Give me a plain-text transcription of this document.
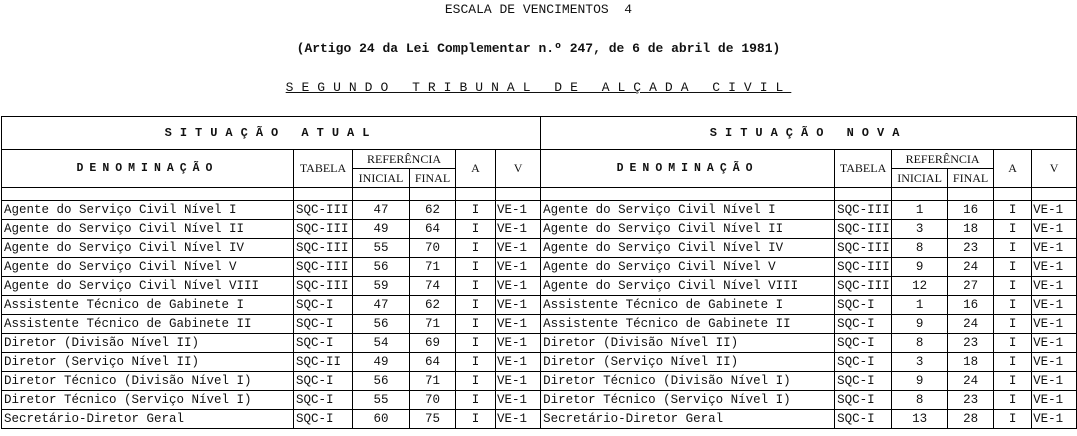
ESCALA DE VENCIMENTOS  4
(Artigo 24 da Lei Complementar n.º 247, de 6 de abril de 1981)
SEGUNDO TRIBUNAL DE ALÇADA CIVIL
SITUAÇÃO ATUAL						SITUAÇÃO NOVA					
DENOMINAÇÃO	TABELA	REFERÊNCIA		A	V	DENOMINAÇÃO	TABELA	REFERÊNCIA		A	V
		INICIAL	FINAL					INICIAL	FINAL		

Agente do Serviço Civil Nível I	SQC-III	47	62	I	VE-1	Agente do Serviço Civil Nível I	SQC-III	1	16	I	VE-1
Agente do Serviço Civil Nível II	SQC-III	49	64	I	VE-1	Agente do Serviço Civil Nível II	SQC-III	3	18	I	VE-1
Agente do Serviço Civil Nível IV	SQC-III	55	70	I	VE-1	Agente do Serviço Civil Nível IV	SQC-III	8	23	I	VE-1
Agente do Serviço Civil Nível V	SQC-III	56	71	I	VE-1	Agente do Serviço Civil Nível V	SQC-III	9	24	I	VE-1
Agente do Serviço Civil Nível VIII	SQC-III	59	74	I	VE-1	Agente do Serviço Civil Nível VIII	SQC-III	12	27	I	VE-1
Assistente Técnico de Gabinete I	SQC-I	47	62	I	VE-1	Assistente Técnico de Gabinete I	SQC-I	1	16	I	VE-1
Assistente Técnico de Gabinete II	SQC-I	56	71	I	VE-1	Assistente Técnico de Gabinete II	SQC-I	9	24	I	VE-1
Diretor (Divisão Nível II)	SQC-I	54	69	I	VE-1	Diretor (Divisão Nível II)	SQC-I	8	23	I	VE-1
Diretor (Serviço Nível II)	SQC-II	49	64	I	VE-1	Diretor (Serviço Nível II)	SQC-I	3	18	I	VE-1
Diretor Técnico (Divisão Nível I)	SQC-I	56	71	I	VE-1	Diretor Técnico (Divisão Nível I)	SQC-I	9	24	I	VE-1
Diretor Técnico (Serviço Nível I)	SQC-I	55	70	I	VE-1	Diretor Técnico (Serviço Nível I)	SQC-I	8	23	I	VE-1
Secretário-Diretor Geral	SQC-I	60	75	I	VE-1	Secretário-Diretor Geral	SQC-I	13	28	I	VE-1
